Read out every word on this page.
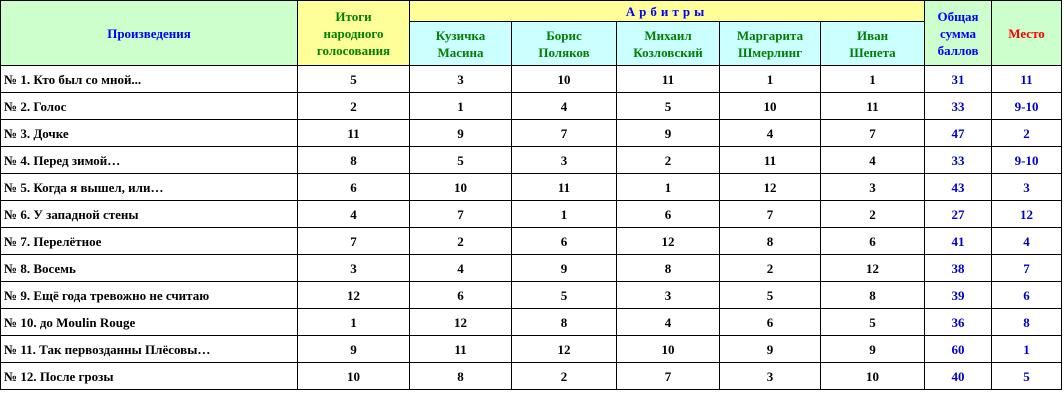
Произведения	Итоги
народного
голосования	Арбитры					Общая
сумма
баллов	Место

		Кузичка
Масина	Борис
Поляков	Михаил
Козловский	Маргарита
Шмерлинг	Иван
Шепета		

№ 1. Кто был со мной...	5	3	10	11	1	1	31	11
№ 2. Голос	2	1	4	5	10	11	33	9-10
№ 3. Дочке	11	9	7	9	4	7	47	2
№ 4. Перед зимой…	8	5	3	2	11	4	33	9-10
№ 5. Когда я вышел, или…	6	10	11	1	12	3	43	3
№ 6. У западной стены	4	7	1	6	7	2	27	12
№ 7. Перелётное	7	2	6	12	8	6	41	4
№ 8. Восемь	3	4	9	8	2	12	38	7
№ 9. Ещё года тревожно не считаю	12	6	5	3	5	8	39	6
№ 10. до Moulin Rouge	1	12	8	4	6	5	36	8
№ 11. Так первозданны Плёсовы…	9	11	12	10	9	9	60	1
№ 12. После грозы	10	8	2	7	3	10	40	5
